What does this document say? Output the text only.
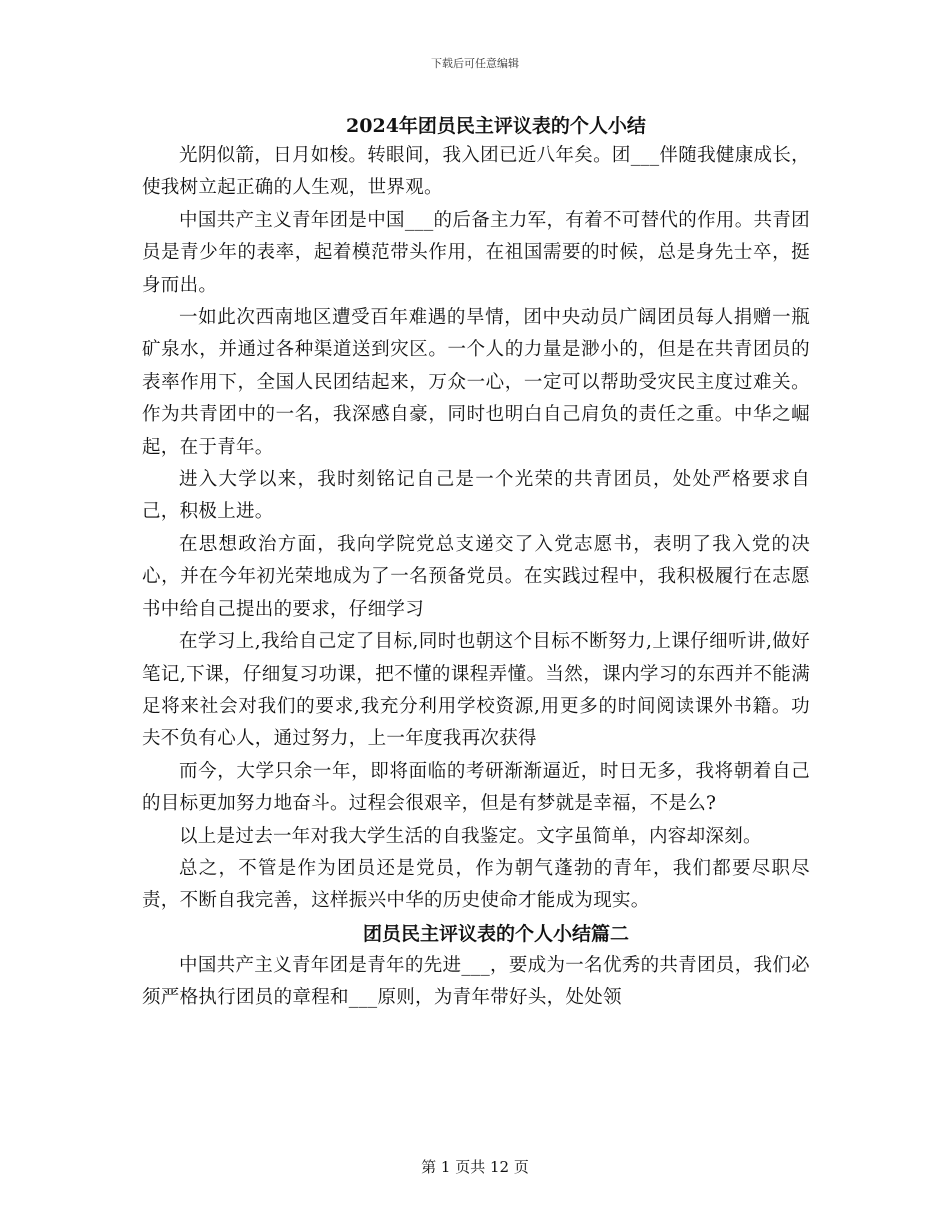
下载后可任意编辑
2024年团员民主评议表的个人小结

光阴似箭，日月如梭。转眼间，我入团已近八年矣。团___伴随我健康成长，使我树立起正确的人生观，世界观。

中国共产主义青年团是中国___的后备主力军，有着不可替代的作用。共青团员是青少年的表率，起着模范带头作用，在祖国需要的时候，总是身先士卒，挺身而出。

一如此次西南地区遭受百年难遇的旱情，团中央动员广阔团员每人捐赠一瓶矿泉水，并通过各种渠道送到灾区。一个人的力量是渺小的，但是在共青团员的表率作用下，全国人民团结起来，万众一心，一定可以帮助受灾民主度过难关。作为共青团中的一名，我深感自豪，同时也明白自己肩负的责任之重。中华之崛起，在于青年。

进入大学以来，我时刻铭记自己是一个光荣的共青团员，处处严格要求自己，积极上进。

在思想政治方面，我向学院党总支递交了入党志愿书，表明了我入党的决心，并在今年初光荣地成为了一名预备党员。在实践过程中，我积极履行在志愿书中给自己提出的要求，仔细学习

在学习上,我给自己定了目标,同时也朝这个目标不断努力,上课仔细听讲,做好笔记,下课，仔细复习功课，把不懂的课程弄懂。当然，课内学习的东西并不能满足将来社会对我们的要求,我充分利用学校资源,用更多的时间阅读课外书籍。功夫不负有心人，通过努力，上一年度我再次获得

而今，大学只余一年，即将面临的考研渐渐逼近，时日无多，我将朝着自己的目标更加努力地奋斗。过程会很艰辛，但是有梦就是幸福，不是么?

以上是过去一年对我大学生活的自我鉴定。文字虽简单，内容却深刻。

总之，不管是作为团员还是党员，作为朝气蓬勃的青年，我们都要尽职尽责，不断自我完善，这样振兴中华的历史使命才能成为现实。

团员民主评议表的个人小结篇二

中国共产主义青年团是青年的先进___，要成为一名优秀的共青团员，我们必须严格执行团员的章程和___原则，为青年带好头，处处领

第 1 页共 12 页
